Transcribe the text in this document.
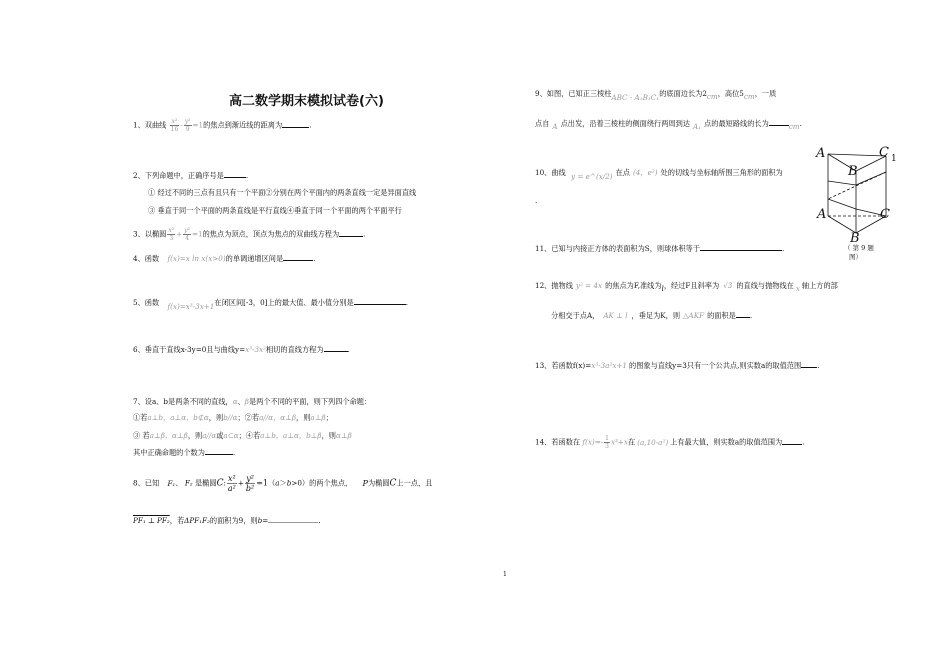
高二数学期末模拟试卷(六)
1、双曲线 $\frac{\text{x²}}{16} - \frac{\text{y²}}{9} =1$的焦点到渐近线的距离为	.
2、下列命题中，正确序号是	.
① 经过不同的三点有且只有一个平面②分别在两个平面内的两条直线一定是异面直线
③ 垂直于同一个平面的两条直线是平行直线④垂直于同一个平面的两个平面平行
3、以椭圆 $\frac{\text{x²}}{3} + \frac{\text{y²}}{4} =1$的焦点为顶点，顶点为焦点的双曲线方程为	.
4、函数 f(x)=x ln x(x>0)的单调递增区间是	.
5、函数 f(x)=x³-3x+1在闭区间[-3，0]上的最大值、最小值分别是	.
6、垂直于直线x-3y=0且与曲线y=x³-3x²相切的直线方程为	.
7、设a、b是两条不同的直线，α、β是两个不同的平面，则下列四个命题：
①若a⊥b，a⊥α，b⊄α，则b//α；②若a//α，α⊥β，则a⊥β；
③ 若a⊥β，α⊥β，则a//α或a⊂α；④若a⊥b，a⊥α，b⊥β，则α⊥β
其中正确命题的个数为	.
8、已知 F₁、 F₂ 是椭圆C: $\frac{\text{x²}}{\text{a²}} + \frac{\text{y²}}{\text{b²}} =1(a>b>0)$的两个焦点， P为椭圆C上一点，且
PF₁ ⊥ PF₂，若ΔPF₁F₂的面积为9，则b=	.
9、如图，已知正三棱柱ABC - A₁B₁C₁的底面边长为2cm，高位5cm，一质
点自 A 点出发，沿着三棱柱的侧面绕行两周到达 A₁ 点的最短路线的长为	cm.
A	C 1
B
A	C
B
（ 第 9 题
图）
10、曲线 y = e^(x/2) 在点 (4，e²) 处的切线与坐标轴所围三角形的面积为
.
11、已知与内接正方体的表面积为S，则球体积等于	.
12、抛物线 y² = 4x 的焦点为F,准线为l，经过F且斜率为 √3 的直线与抛物线在 x 轴上方的部
分相交于点A， AK ⊥ l ，垂足为K，则 △AKF 的面积是 .
13、若函数f(x)=x³-3a²x+1 的图象与直线y=3只有一个公共点,则实数a的取值范围 .
14、若函数在 $f(x)=- \frac{1}{3} x^3+x$在 (a,10-a²) 上有最大值，则实数a的取值范围为	.
1
